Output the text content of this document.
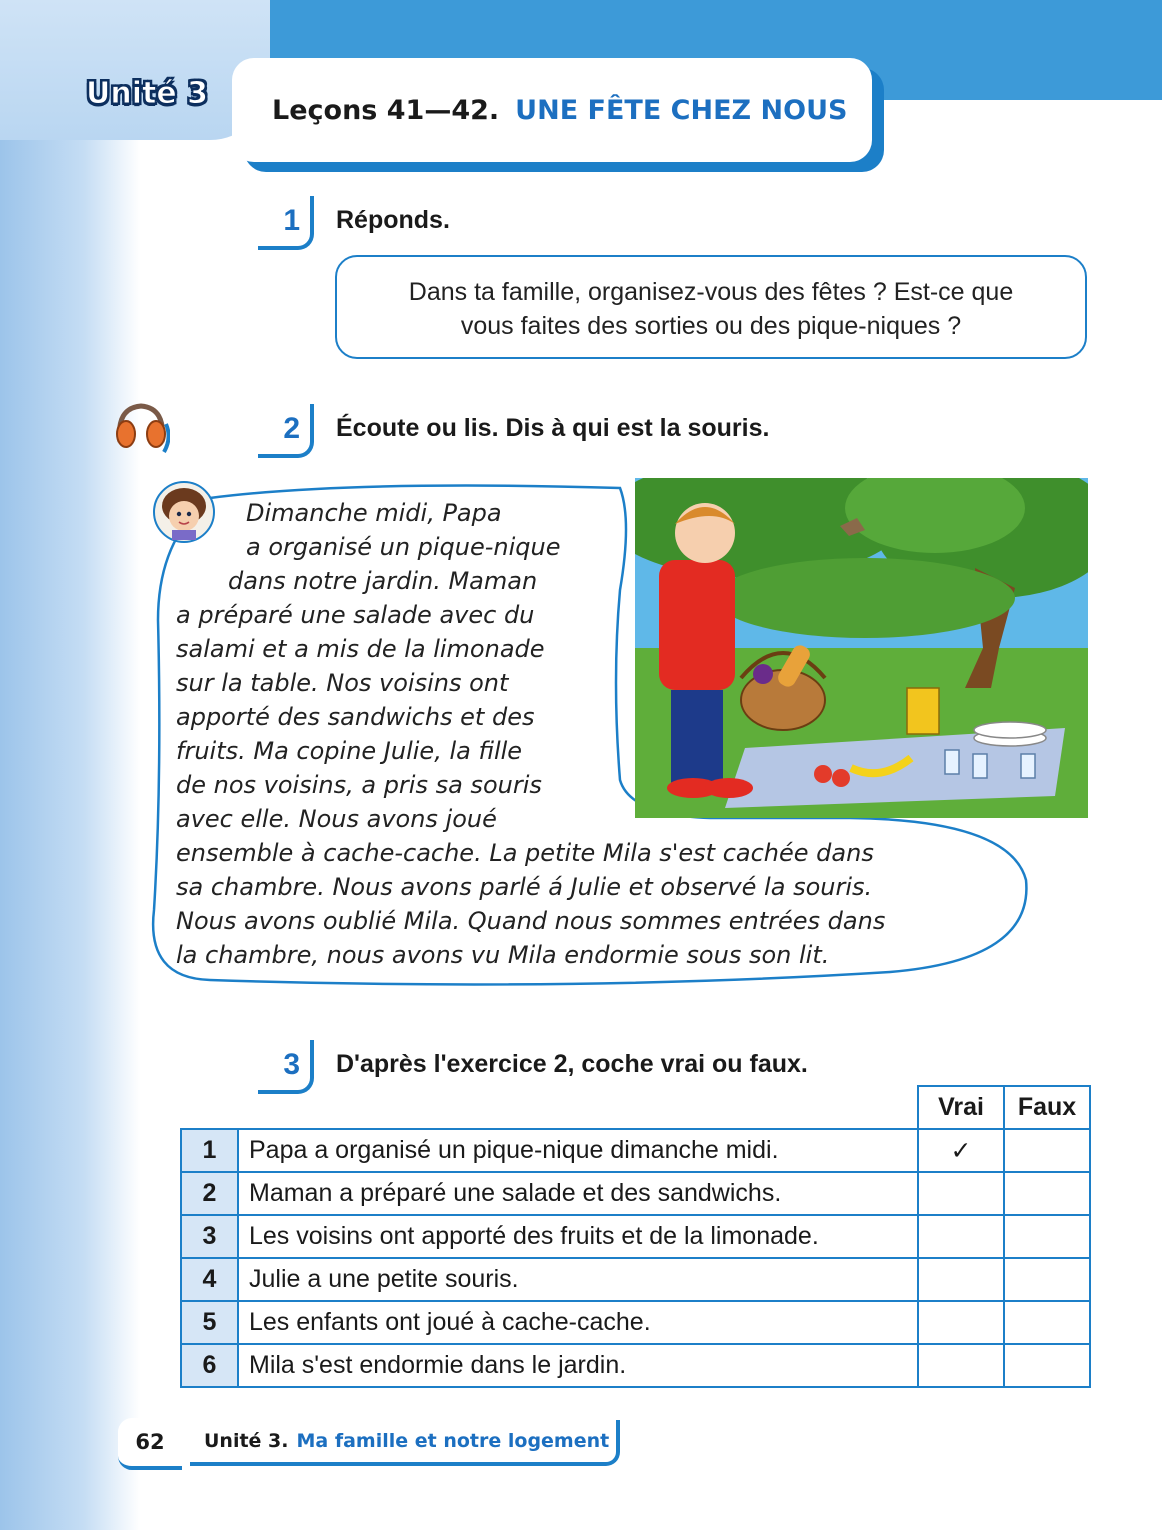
Unité
3 Leçons 41—42. UNE FÊTE CHEZ NOUS
1	Réponds.
Dans ta famille, organisez-vous des fêtes ? Est-ce que
vous faites des sorties ou des pique-niques ?
2	Écoute ou lis. Dis à qui est la souris.
Dimanche midi, Papa
a organisé un pique-nique
dans notre jardin. Maman
a préparé une salade avec du
salami et a mis de la limonade
sur la table. Nos voisins ont
apporté des sandwichs et des
fruits. Ma copine Julie, la fille
de nos voisins, a pris sa souris
avec elle. Nous avons joué
ensemble à cache-cache. La petite Mila s'est cachée dans
sa chambre. Nous avons parlé á Julie et observé la souris.
Nous avons oublié Mila. Quand nous sommes entrées dans
la chambre, nous avons vu Mila endormie sous son lit.
3	D'après l'exercice 2, coche vrai ou faux.
		Vrai	Faux
1	Papa a organisé un pique-nique dimanche midi.	✓	
2	Maman a préparé une salade et des sandwichs.		
3	Les voisins ont apporté des fruits et de la limonade.		
4	Julie a une petite souris.		
5	Les enfants ont joué à cache-cache.		
6	Mila s'est endormie dans le jardin.		
62	Unité 3. Ma famille et notre logement
